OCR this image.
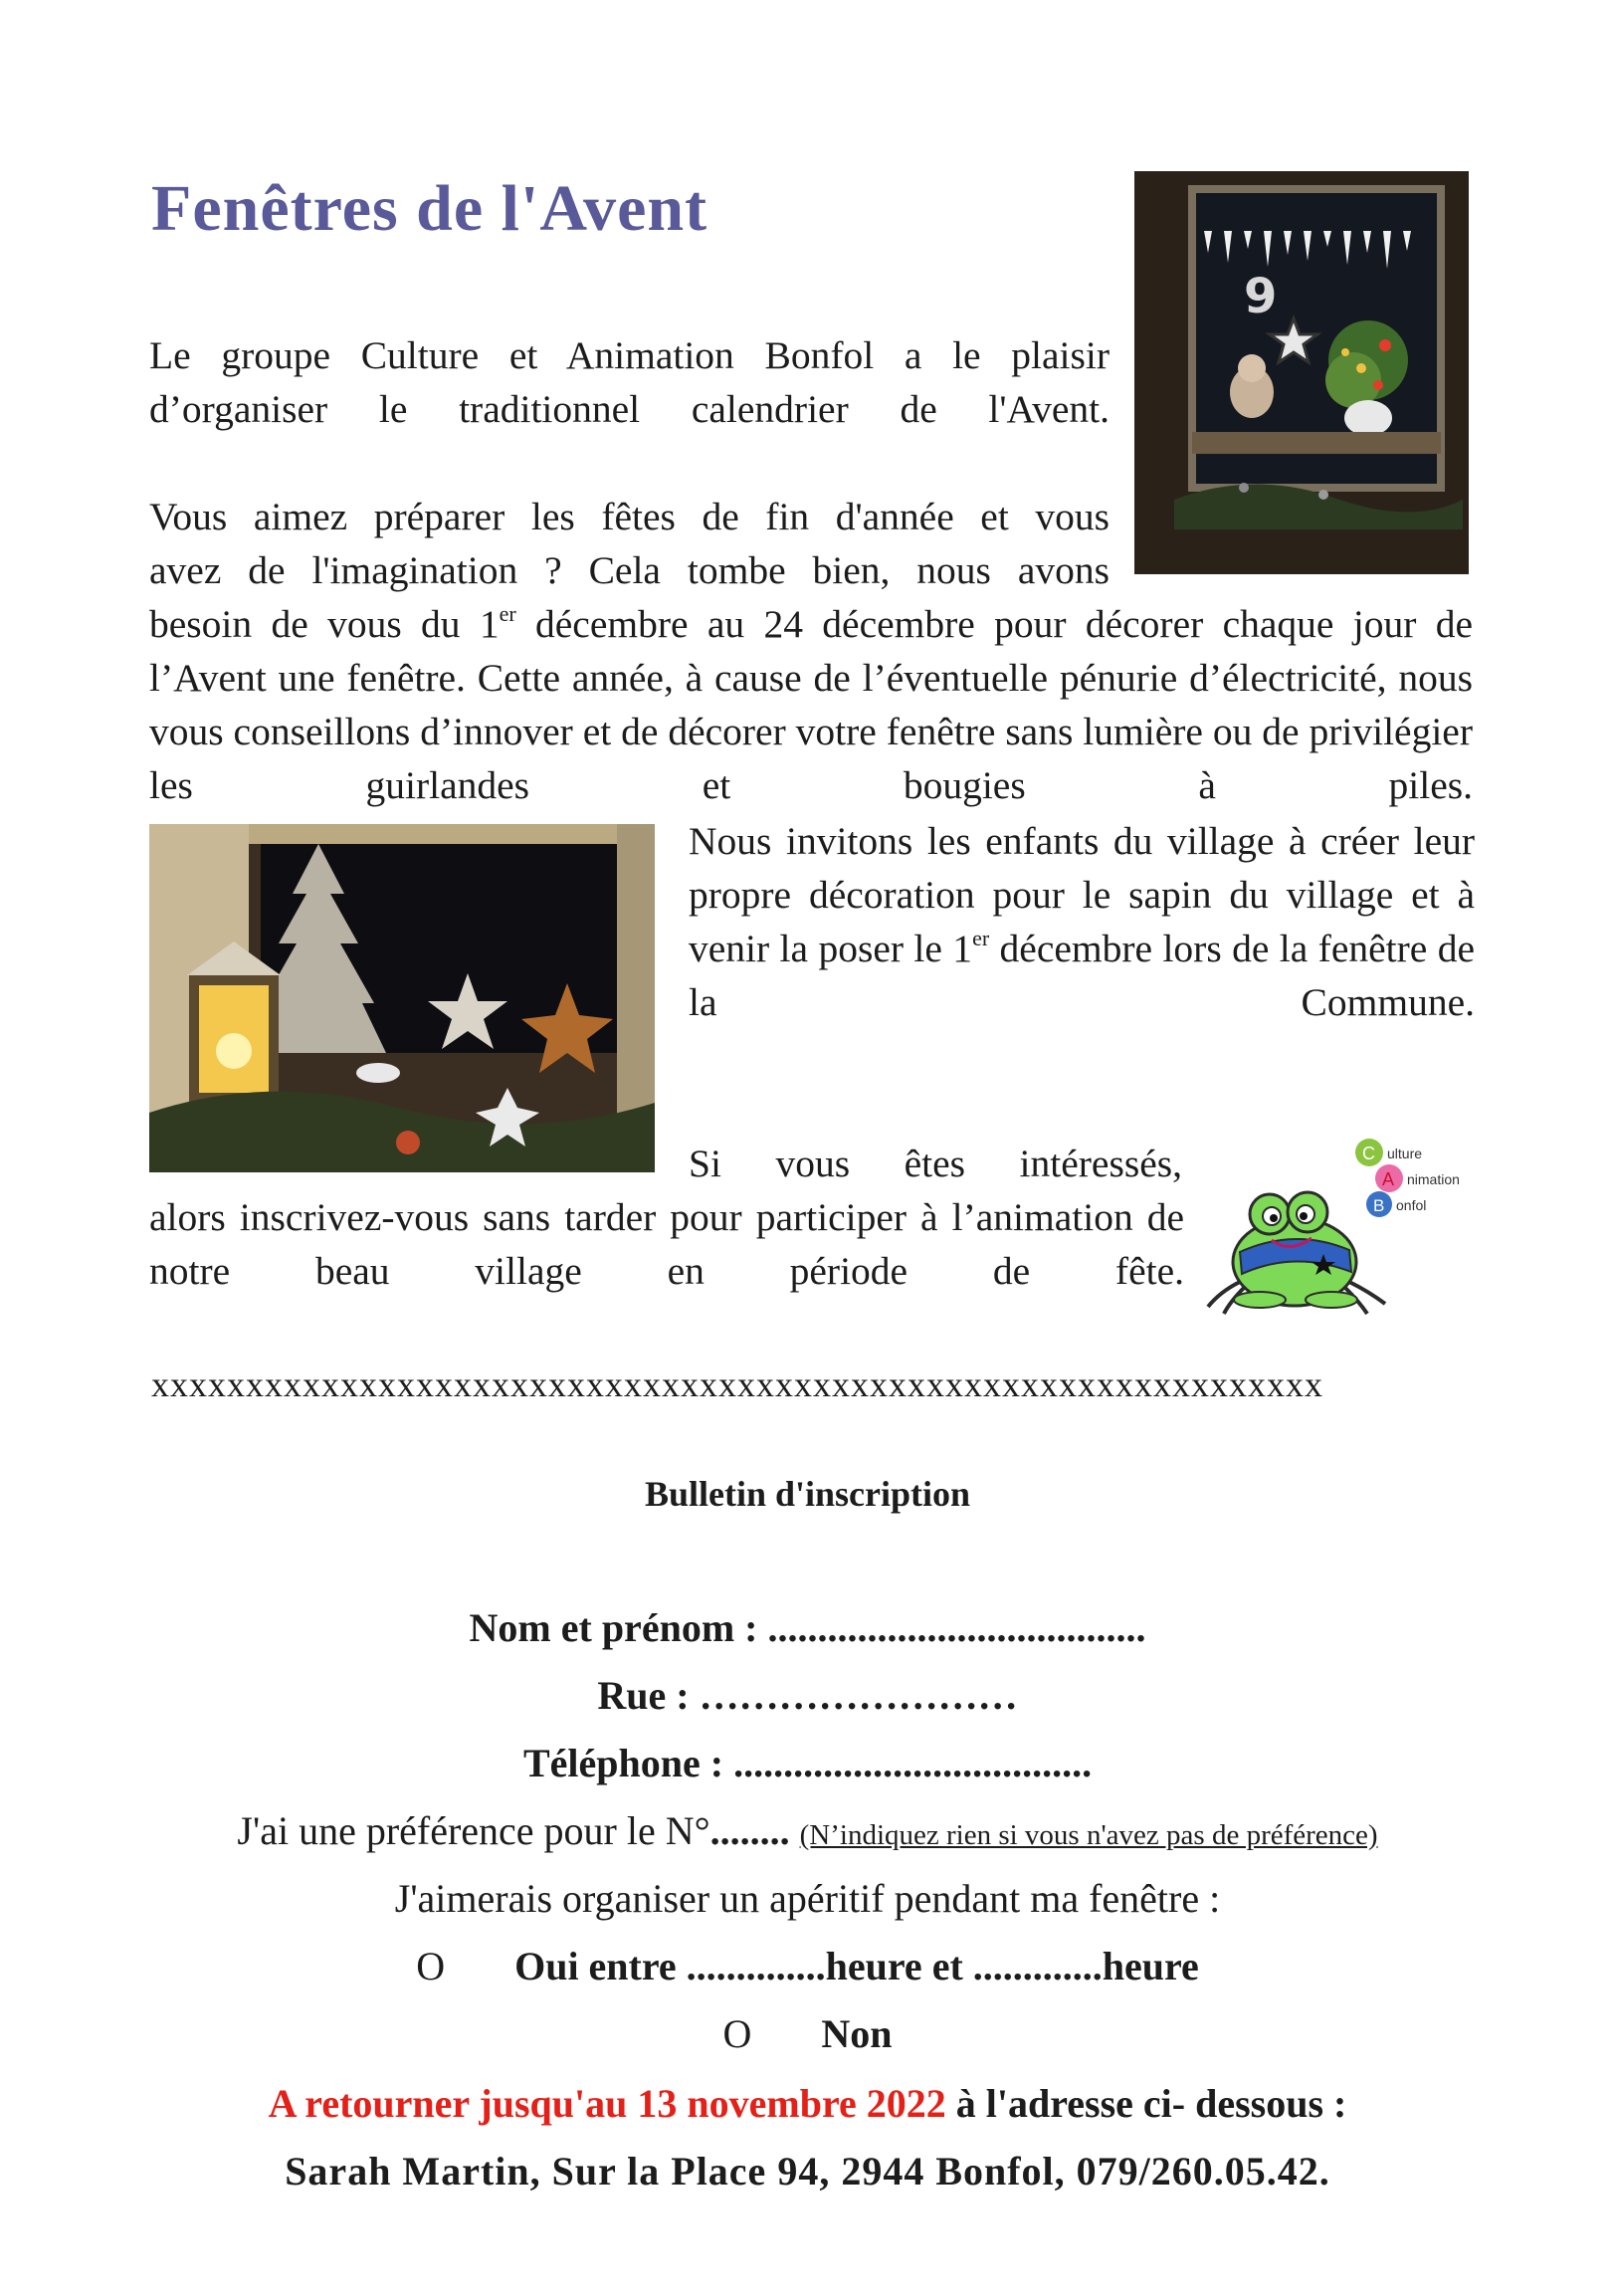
Fenêtres de l'Avent
9

Le groupe Culture et Animation Bonfol a le plaisir d’organiser le traditionnel calendrier de l'Avent.

Vous aimez préparer les fêtes de fin d'année et vous
avez de l'imagination ? Cela tombe bien, nous avons

besoin de vous du 1er décembre au 24 décembre pour décorer chaque jour de l’Avent une fenêtre. Cette année, à cause de l’éventuelle pénurie d’électricité, nous vous conseillons d’innover et de décorer votre fenêtre sans lumière ou de privilégier les guirlandes et bougies à piles.

Nous invitons les enfants du village à créer leur propre décoration pour le sapin du village et à venir la poser le 1er décembre lors de la fenêtre de la Commune.

Si vous êtes intéressés,

alors inscrivez-vous sans tarder pour participer à l’animation de notre beau village en période de fête.

C ulture
A nimation
B onfol
xxxxxxxxxxxxxxxxxxxxxxxxxxxxxxxxxxxxxxxxxxxxxxxxxxxxxxxxxxxxxx
Bulletin d'inscription
Nom et prénom : ......................................
Rue : ……………………
Téléphone : ....................................
J'ai une préférence pour le N°........ (N’indiquez rien si vous n'avez pas de préférence)
J'aimerais organiser un apéritif pendant ma fenêtre :
O Oui entre ..............heure et .............heure
O Non
A retourner jusqu'au 13 novembre 2022 à l'adresse ci- dessous :
Sarah Martin, Sur la Place 94, 2944 Bonfol, 079/260.05.42.
